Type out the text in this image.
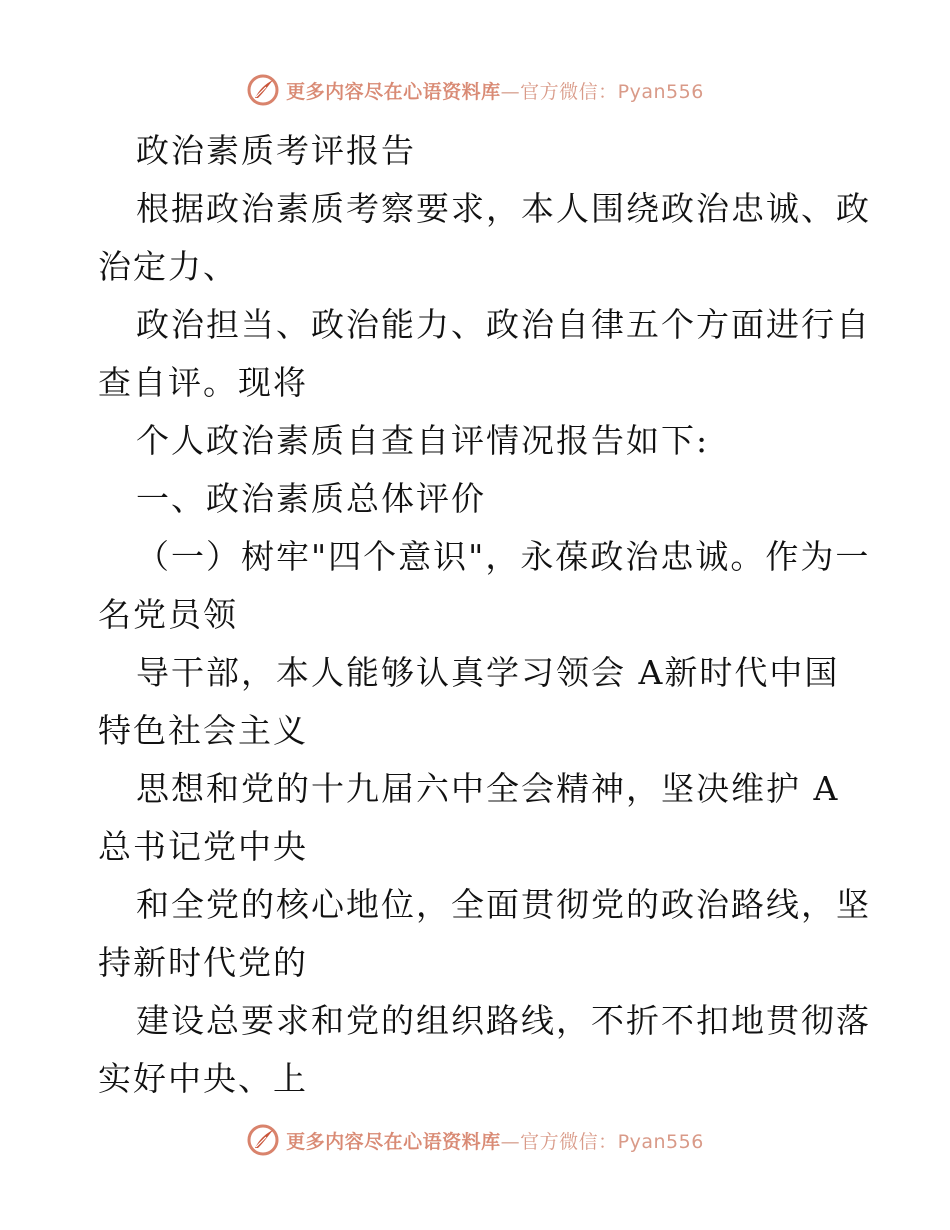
更多内容尽在心语资料库—官方微信：Pyan556
政治素质考评报告
根据政治素质考察要求，本人围绕政治忠诚、政
治定力、
政治担当、政治能力、政治自律五个方面进行自
查自评。现将
个人政治素质自查自评情况报告如下:
一、政治素质总体评价
（一）树牢"四个意识"，永葆政治忠诚。作为一
名党员领
导干部，本人能够认真学习领会 A新时代中国
特色社会主义
思想和党的十九届六中全会精神，坚决维护 A
总书记党中央
和全党的核心地位，全面贯彻党的政治路线，坚
持新时代党的
建设总要求和党的组织路线，不折不扣地贯彻落
实好中央、上
更多内容尽在心语资料库—官方微信：Pyan556
